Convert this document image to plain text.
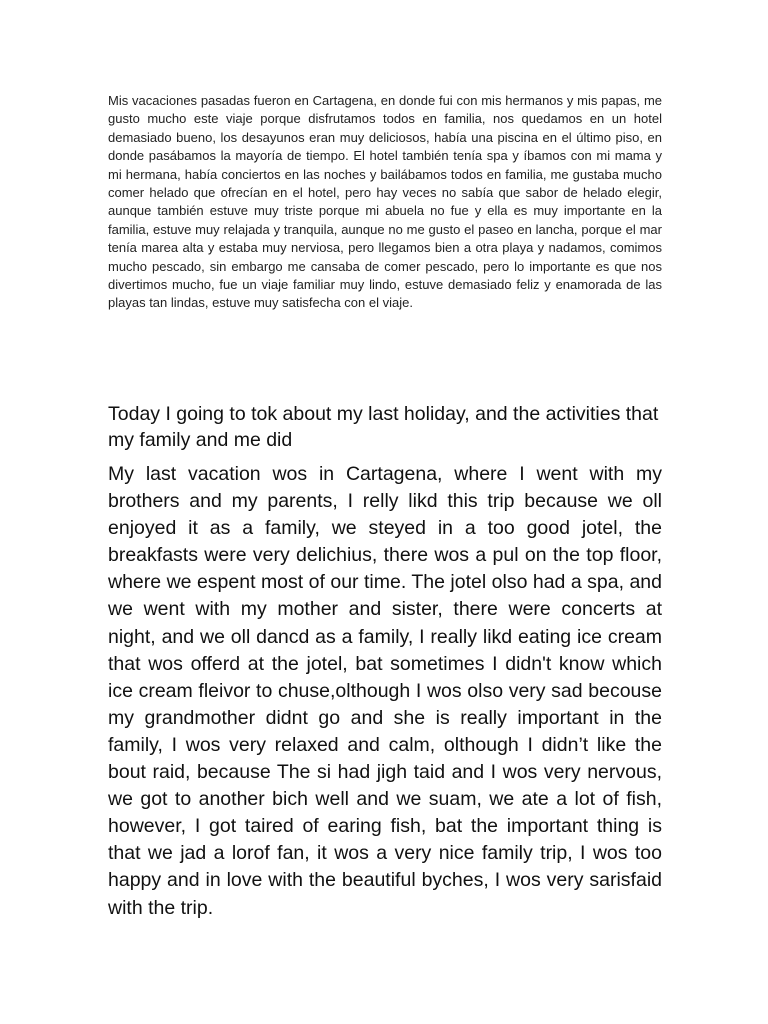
Mis vacaciones pasadas fueron en Cartagena, en donde fui con mis hermanos y mis papas, me gusto mucho este viaje porque disfrutamos todos en familia, nos quedamos en un hotel demasiado bueno, los desayunos eran muy deliciosos, había una piscina en el último piso, en donde pasábamos la mayoría de tiempo. El hotel también tenía spa y íbamos con mi mama y mi hermana, había conciertos en las noches y bailábamos todos en familia, me gustaba mucho comer helado que ofrecían en el hotel, pero hay veces no sabía que sabor de helado elegir, aunque también estuve muy triste porque mi abuela no fue y ella es muy importante en la familia, estuve muy relajada y tranquila, aunque no me gusto el paseo en lancha, porque el mar tenía marea alta y estaba muy nerviosa, pero llegamos bien a otra playa y nadamos, comimos mucho pescado, sin embargo me cansaba de comer pescado, pero lo importante es que nos divertimos mucho, fue un viaje familiar muy lindo, estuve demasiado feliz y enamorada de las playas tan lindas, estuve muy satisfecha con el viaje.

Today I going to tok about my last holiday, and the activities that my family and me did

My last vacation wos in Cartagena, where I went with my brothers and my parents, I relly likd this trip because we oll enjoyed it as a family, we steyed in a too good jotel, the breakfasts were very delichius, there wos a pul on the top floor, where we espent most of our time. The jotel olso had a spa, and we went with my mother and sister, there were concerts at night, and we oll dancd as a family, I really likd eating ice cream that wos offerd at the jotel, bat sometimes I didn't know which ice cream fleivor to chuse,olthough I wos olso very sad becouse my grandmother didnt go and she is really important in the family, I wos very relaxed and calm, olthough I didn’t like the bout raid, because The si had jigh taid and I wos very nervous, we got to another bich well and we suam, we ate a lot of fish, however, I got taired of earing fish, bat the important thing is that we jad a lorof fan, it wos a very nice family trip, I wos too happy and in love with the beautiful byches, I wos very sarisfaid with the trip.
